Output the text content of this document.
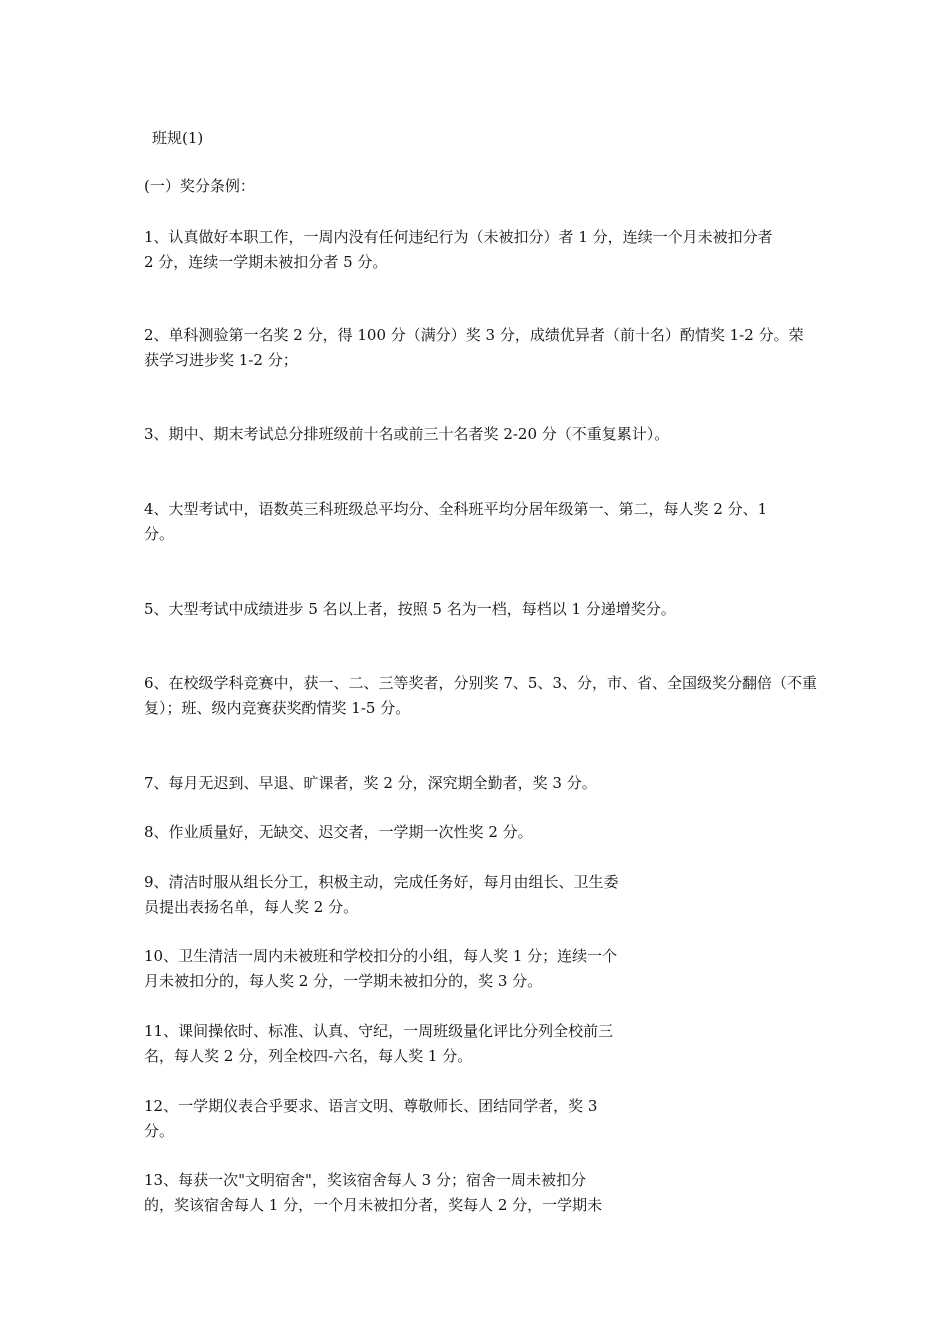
班规(1)
(一）奖分条例：
1、认真做好本职工作，一周内没有任何违纪行为（未被扣分）者 1 分，连续一个月未被扣分者
2 分，连续一学期未被扣分者 5 分。
2、单科测验第一名奖 2 分，得 100 分（满分）奖 3 分，成绩优异者（前十名）酌情奖 1-2 分。荣
获学习进步奖 1-2 分；
3、期中、期末考试总分排班级前十名或前三十名者奖 2-20 分（不重复累计）。
4、大型考试中，语数英三科班级总平均分、全科班平均分居年级第一、第二，每人奖 2 分、1
分。
5、大型考试中成绩进步 5 名以上者，按照 5 名为一档，每档以 1 分递增奖分。
6、在校级学科竞赛中，获一、二、三等奖者，分别奖 7、5、3、分，市、省、全国级奖分翻倍（不重
复）；班、级内竞赛获奖酌情奖 1-5 分。
7、每月无迟到、早退、旷课者，奖 2 分，深究期全勤者，奖 3 分。
8、作业质量好，无缺交、迟交者，一学期一次性奖 2 分。
9、清洁时服从组长分工，积极主动，完成任务好，每月由组长、卫生委
员提出表扬名单，每人奖 2 分。
10、卫生清洁一周内未被班和学校扣分的小组，每人奖 1 分；连续一个
月未被扣分的，每人奖 2 分，一学期未被扣分的，奖 3 分。
11、课间操依时、标准、认真、守纪，一周班级量化评比分列全校前三
名，每人奖 2 分，列全校四-六名，每人奖 1 分。
12、一学期仪表合乎要求、语言文明、尊敬师长、团结同学者，奖 3
分。
13、每获一次"文明宿舍"，奖该宿舍每人 3 分；宿舍一周未被扣分
的，奖该宿舍每人 1 分，一个月未被扣分者，奖每人 2 分，一学期未
